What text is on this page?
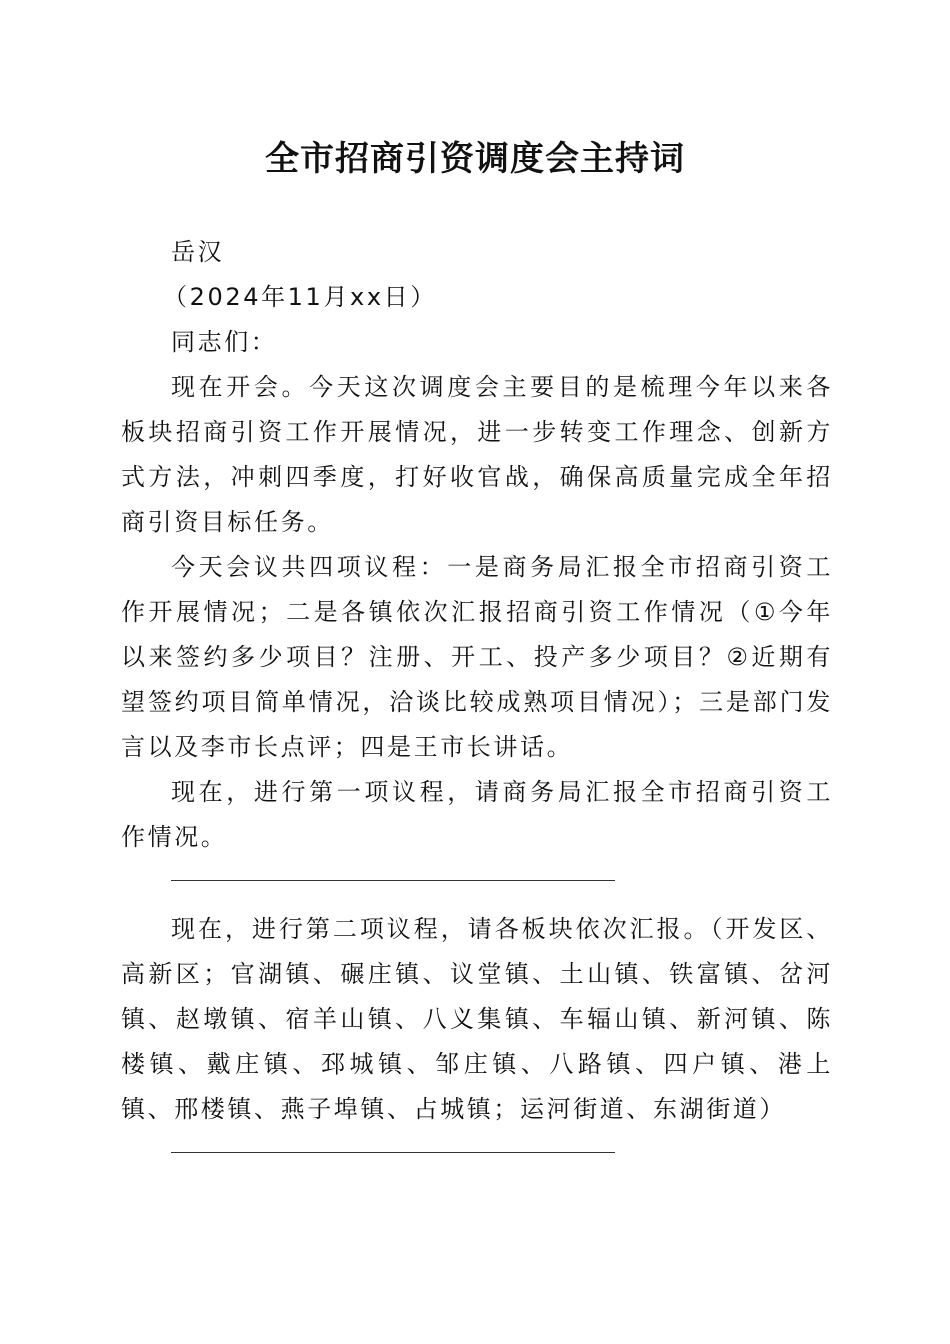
全市招商引资调度会主持词

岳汉

（2024年11月xx日）

同志们：

现在开会。今天这次调度会主要目的是梳理今年以来各板块招商引资工作开展情况，进一步转变工作理念、创新方式方法，冲刺四季度，打好收官战，确保高质量完成全年招商引资目标任务。

今天会议共四项议程：一是商务局汇报全市招商引资工作开展情况；二是各镇依次汇报招商引资工作情况（①今年以来签约多少项目？注册、开工、投产多少项目？②近期有望签约项目简单情况，洽谈比较成熟项目情况）；三是部门发言以及李市长点评；四是王市长讲话。

现在，进行第一项议程，请商务局汇报全市招商引资工作情况。

现在，进行第二项议程，请各板块依次汇报。（开发区、高新区；官湖镇、碾庄镇、议堂镇、土山镇、铁富镇、岔河镇、赵墩镇、宿羊山镇、八义集镇、车辐山镇、新河镇、陈楼镇、戴庄镇、邳城镇、邹庄镇、八路镇、四户镇、港上镇、邢楼镇、燕子埠镇、占城镇；运河街道、东湖街道）
